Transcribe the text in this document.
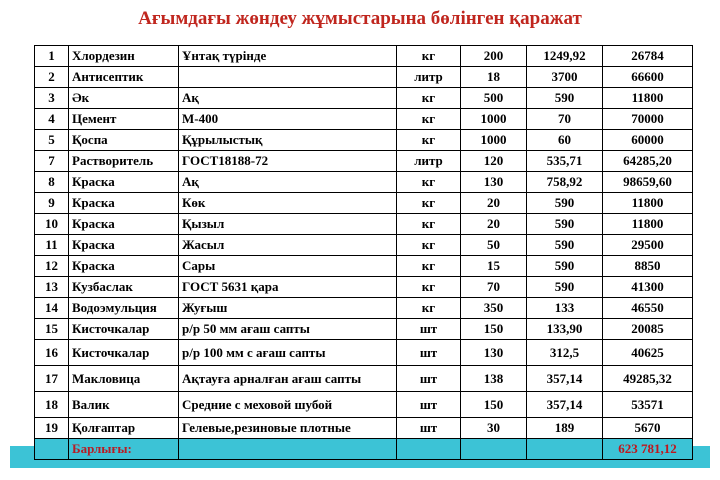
Ағымдағы жөндеу жұмыстарына бөлінген қаражат
1	Хлордезин	Ұнтақ түрінде	кг	200	1249,92	26784
2	Антисептик		литр	18	3700	66600
3	Әк	Ақ	кг	500	590	11800
4	Цемент	М-400	кг	1000	70	70000
5	Қоспа	Құрылыстық	кг	1000	60	60000
7	Растворитель	ГОСТ18188-72	литр	120	535,71	64285,20
8	Краска	Ақ	кг	130	758,92	98659,60
9	Краска	Көк	кг	20	590	11800
10	Краска	Қызыл	кг	20	590	11800
11	Краска	Жасыл	кг	50	590	29500
12	Краска	Сары	кг	15	590	8850
13	Кузбаслак	ГОСТ 5631 қара	кг	70	590	41300
14	Водоэмульция	Жуғыш	кг	350	133	46550
15	Кисточкалар	р/р 50 мм ағаш сапты	шт	150	133,90	20085
16	Кисточкалар	р/р 100 мм с ағаш сапты	шт	130	312,5	40625
17	Макловица	Ақтауға арналған ағаш сапты	шт	138	357,14	49285,32
18	Валик	Средние с меховой шубой	шт	150	357,14	53571
19	Қолғаптар	Гелевые,резиновые плотные	шт	30	189	5670
	Барлығы:					623 781,12
